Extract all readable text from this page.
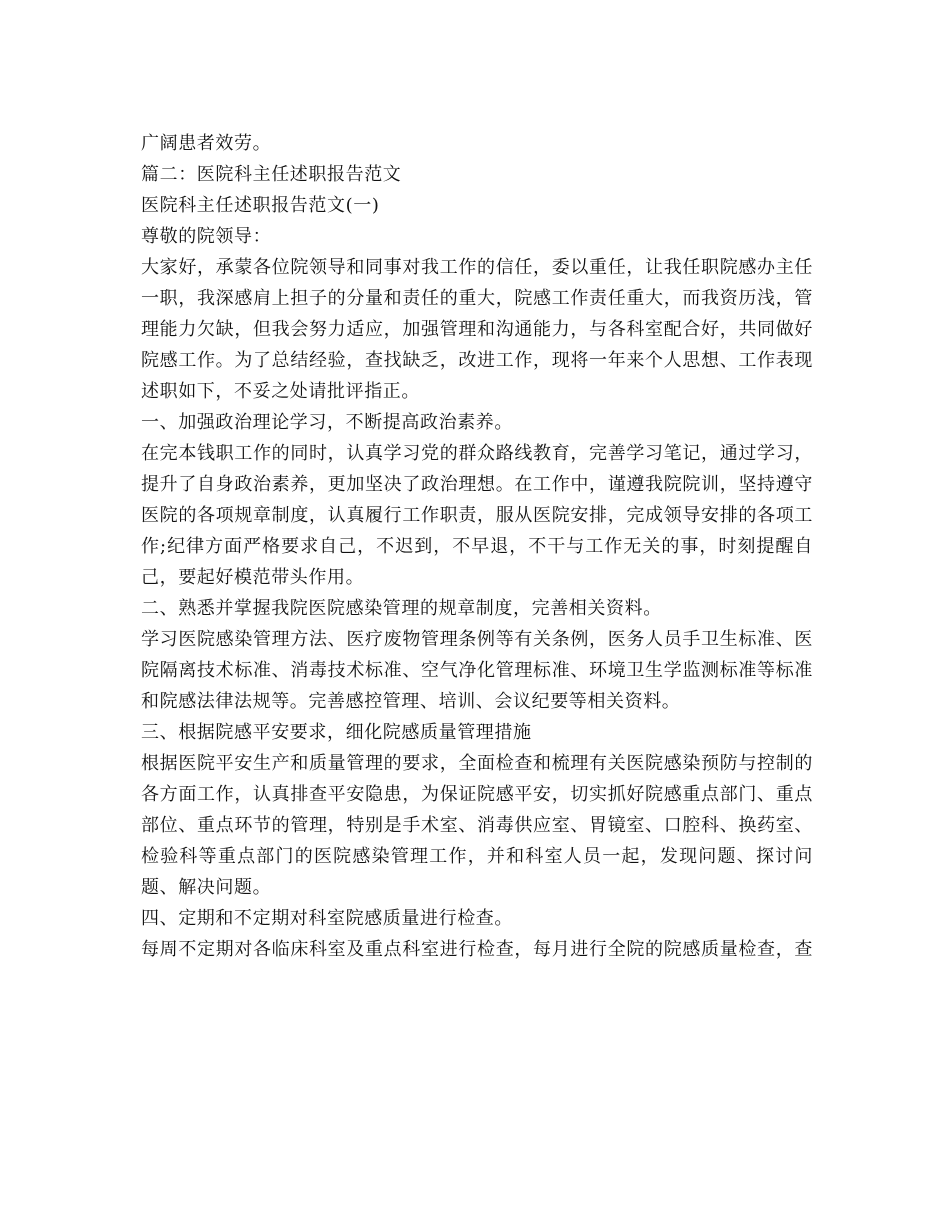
广阔患者效劳。
篇二：医院科主任述职报告范文
医院科主任述职报告范文(一)
尊敬的院领导：
大家好，承蒙各位院领导和同事对我工作的信任，委以重任，让我任职院感办主任
一职，我深感肩上担子的分量和责任的重大，院感工作责任重大，而我资历浅，管
理能力欠缺，但我会努力适应，加强管理和沟通能力，与各科室配合好，共同做好
院感工作。为了总结经验，查找缺乏，改进工作，现将一年来个人思想、工作表现
述职如下，不妥之处请批评指正。
一、加强政治理论学习，不断提高政治素养。
在完本钱职工作的同时，认真学习党的群众路线教育，完善学习笔记，通过学习，
提升了自身政治素养，更加坚决了政治理想。在工作中，谨遵我院院训，坚持遵守
医院的各项规章制度，认真履行工作职责，服从医院安排，完成领导安排的各项工
作;纪律方面严格要求自己，不迟到，不早退，不干与工作无关的事，时刻提醒自
己，要起好模范带头作用。
二、熟悉并掌握我院医院感染管理的规章制度，完善相关资料。
学习医院感染管理方法、医疗废物管理条例等有关条例，医务人员手卫生标准、医
院隔离技术标准、消毒技术标准、空气净化管理标准、环境卫生学监测标准等标准
和院感法律法规等。完善感控管理、培训、会议纪要等相关资料。
三、根据院感平安要求，细化院感质量管理措施
根据医院平安生产和质量管理的要求，全面检查和梳理有关医院感染预防与控制的
各方面工作，认真排查平安隐患，为保证院感平安，切实抓好院感重点部门、重点
部位、重点环节的管理，特别是手术室、消毒供应室、胃镜室、口腔科、换药室、
检验科等重点部门的医院感染管理工作，并和科室人员一起，发现问题、探讨问
题、解决问题。
四、定期和不定期对科室院感质量进行检查。
每周不定期对各临床科室及重点科室进行检查，每月进行全院的院感质量检查，查
